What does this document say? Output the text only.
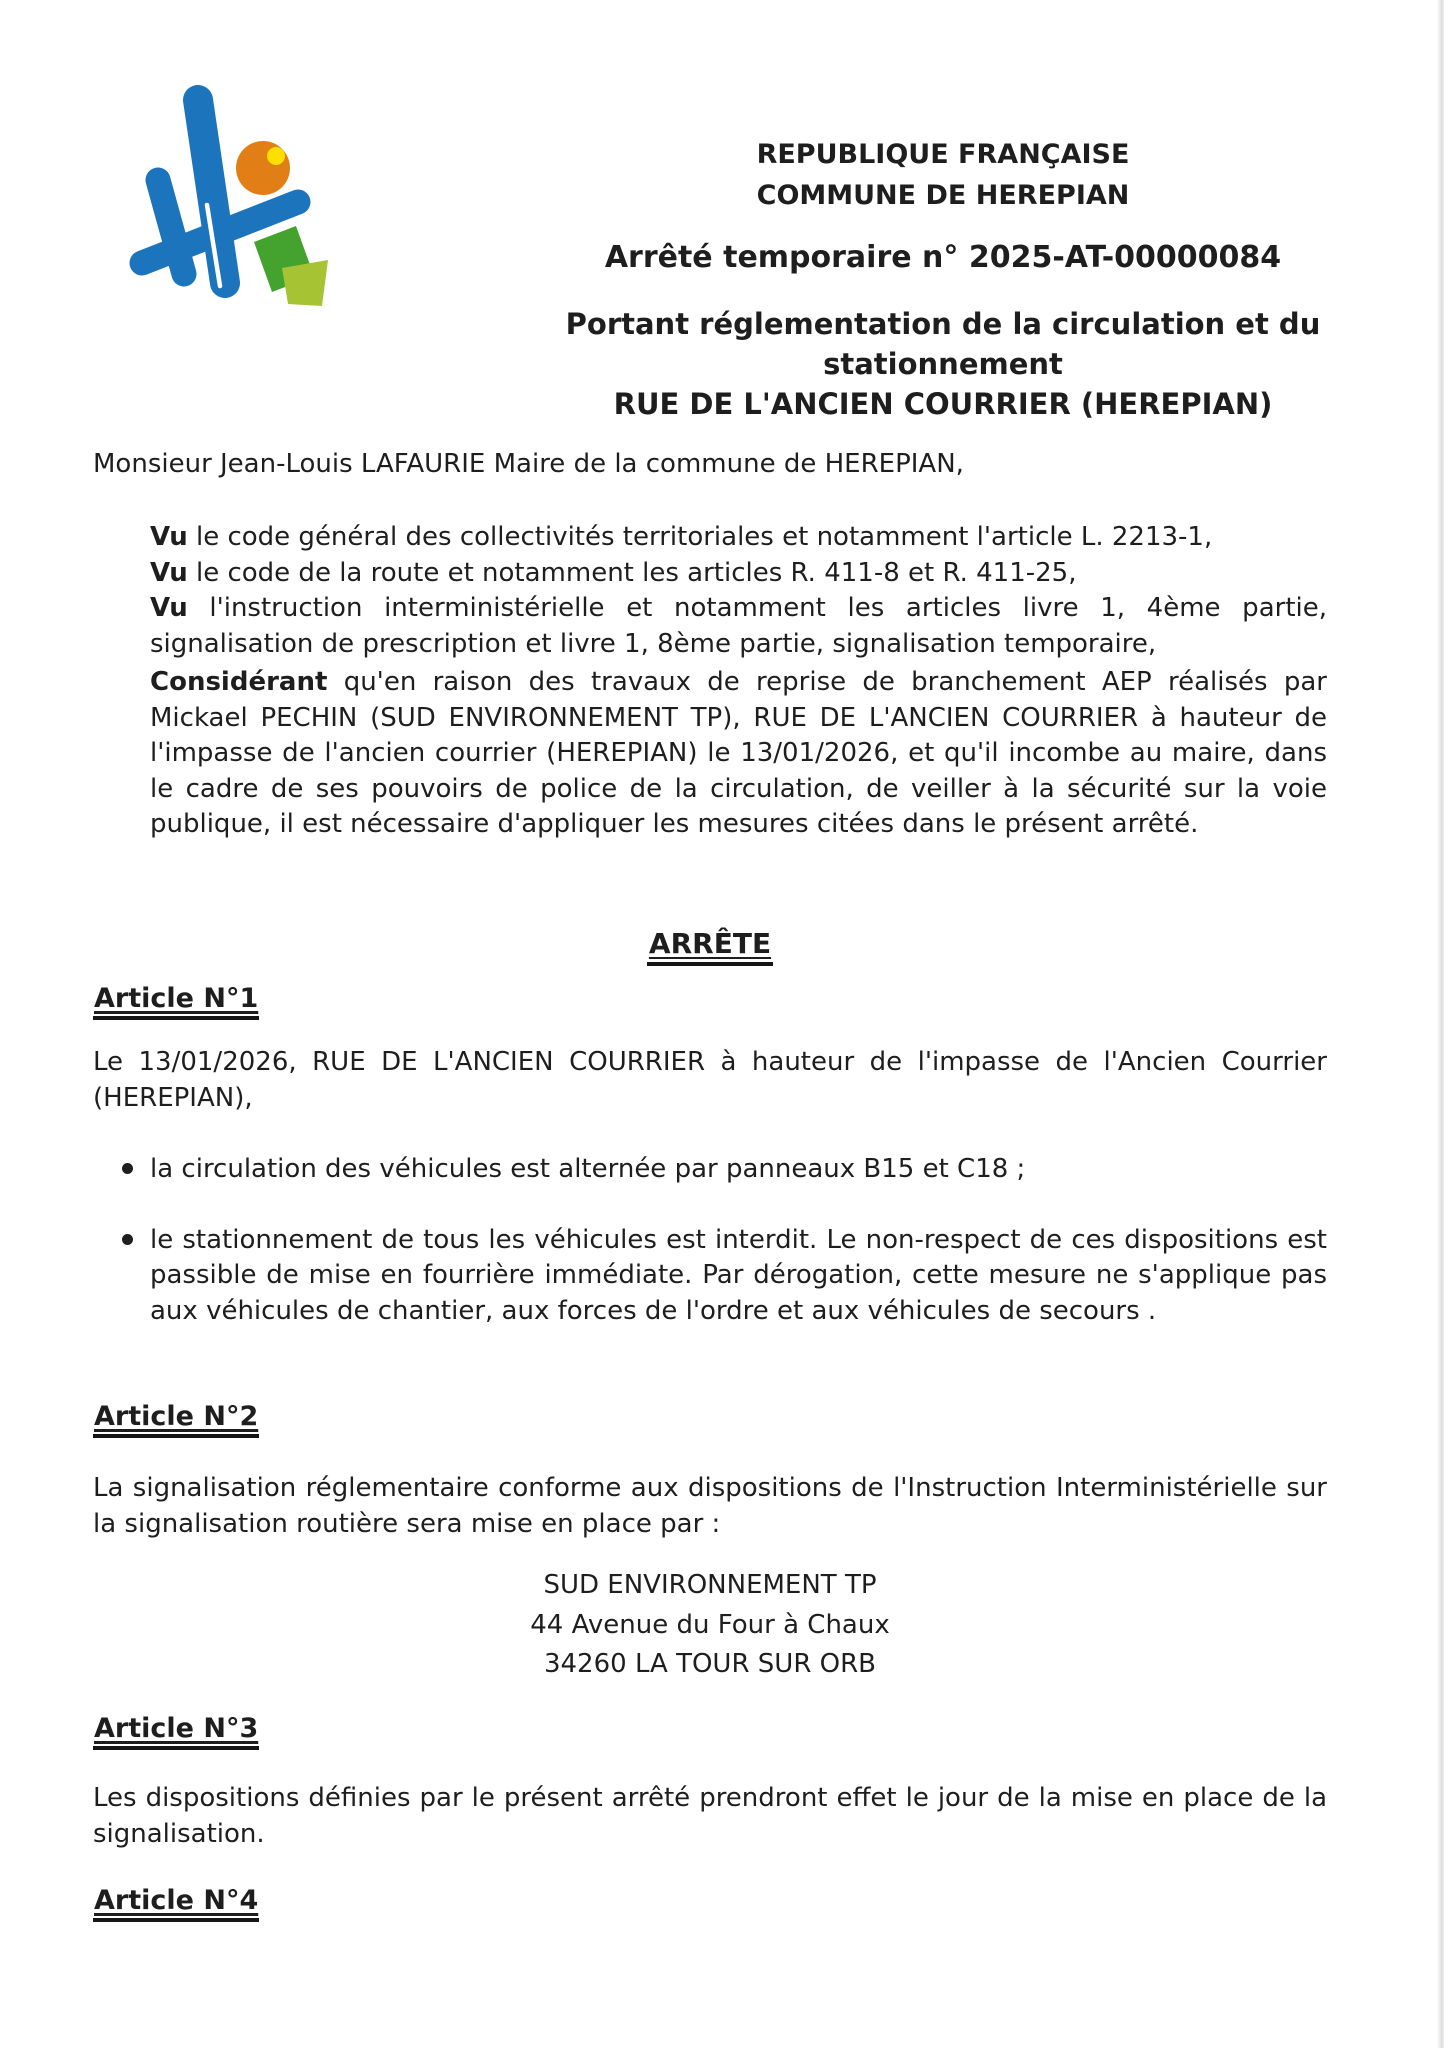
REPUBLIQUE FRANÇAISE
COMMUNE DE HEREPIAN
Arrêté temporaire n° 2025-AT-00000084
Portant réglementation de la circulation et du stationnement
RUE DE L'ANCIEN COURRIER (HEREPIAN)
Monsieur Jean-Louis LAFAURIE Maire de la commune de HEREPIAN,

Vu le code général des collectivités territoriales et notamment l'article L. 2213-1,

Vu le code de la route et notamment les articles R. 411-8 et R. 411-25,

Vu l'instruction interministérielle et notamment les articles livre 1, 4ème partie, signalisation de prescription et livre 1, 8ème partie, signalisation temporaire,

Considérant qu'en raison des travaux de reprise de branchement AEP réalisés par Mickael PECHIN (SUD ENVIRONNEMENT TP), RUE DE L'ANCIEN COURRIER à hauteur de l'impasse de l'ancien courrier (HEREPIAN) le 13/01/2026, et qu'il incombe au maire, dans le cadre de ses pouvoirs de police de la circulation, de veiller à la sécurité sur la voie publique, il est nécessaire d'appliquer les mesures citées dans le présent arrêté.

ARRÊTE
Article N°1

Le 13/01/2026, RUE DE L'ANCIEN COURRIER à hauteur de l'impasse de l'Ancien Courrier (HEREPIAN),

la circulation des véhicules est alternée par panneaux B15 et C18 ;
le stationnement de tous les véhicules est interdit. Le non-respect de ces dispositions est passible de mise en fourrière immédiate. Par dérogation, cette mesure ne s'applique pas aux véhicules de chantier, aux forces de l'ordre et aux véhicules de secours .
Article N°2

La signalisation réglementaire conforme aux dispositions de l'Instruction Interministérielle sur la signalisation routière sera mise en place par :

SUD ENVIRONNEMENT TP
44 Avenue du Four à Chaux
34260 LA TOUR SUR ORB
Article N°3

Les dispositions définies par le présent arrêté prendront effet le jour de la mise en place de la signalisation.

Article N°4
